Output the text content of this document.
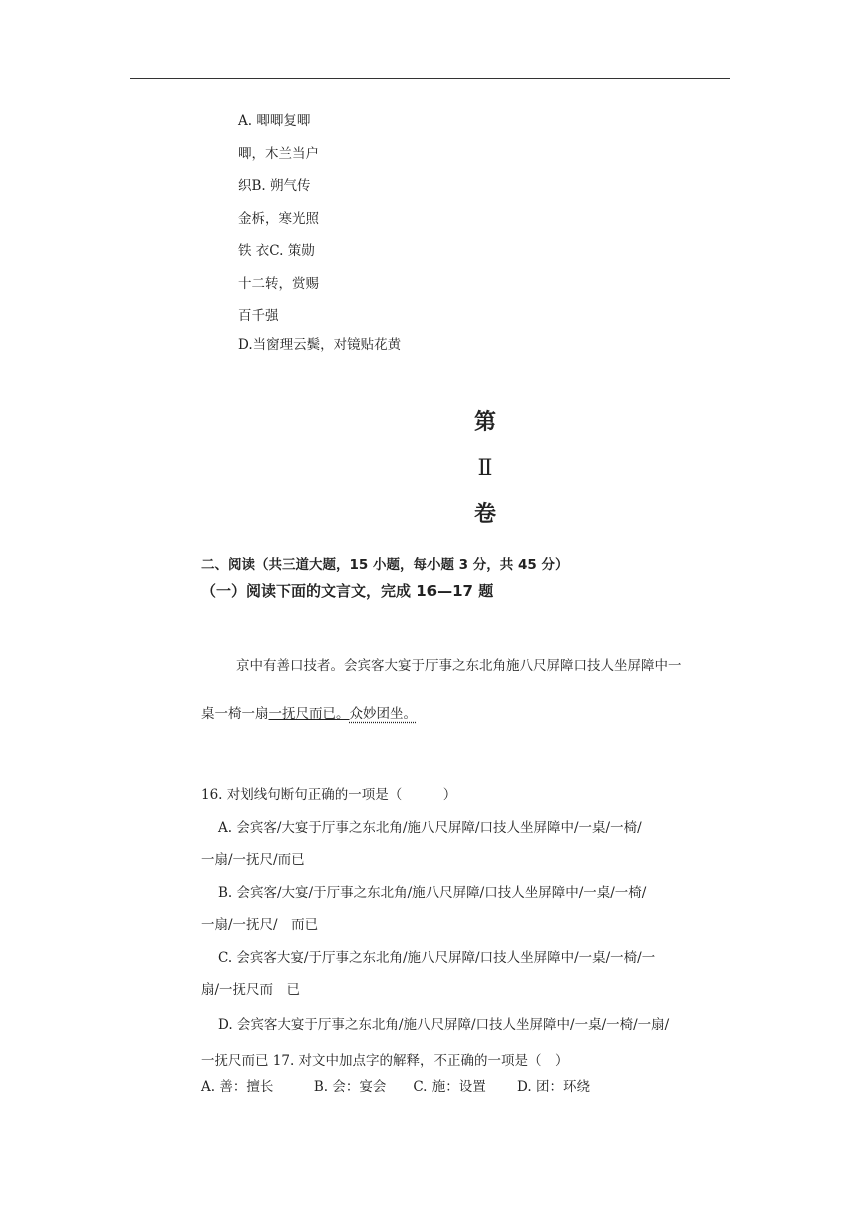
A. 唧唧复唧
唧，木兰当户
织B. 朔气传
金柝，寒光照
铁 衣C. 策勋
十二转，赏赐
百千强
D.当窗理云鬓，对镜贴花黄
第
Ⅱ
卷
二、阅读（共三道大题，15 小题，每小题 3 分，共 45 分）
（一）阅读下面的文言文，完成 16—17 题
京中有善口技者。会宾客大宴于厅事之东北角施八尺屏障口技人坐屏障中一
桌一椅一扇一抚尺而已。众妙团坐。
16. 对划线句断句正确的一项是（　　　）
A. 会宾客/大宴于厅事之东北角/施八尺屏障/口技人坐屏障中/一桌/一椅/
一扇/一抚尺/而已
B. 会宾客/大宴/于厅事之东北角/施八尺屏障/口技人坐屏障中/一桌/一椅/
一扇/一抚尺/　而已
C. 会宾客大宴/于厅事之东北角/施八尺屏障/口技人坐屏障中/一桌/一椅/一
扇/一抚尺而　已
D. 会宾客大宴于厅事之东北角/施八尺屏障/口技人坐屏障中/一桌/一椅/一扇/
一抚尺而已 17. 对文中加点字的解释，不正确的一项是（　）
A. 善：擅长　　　B. 会：宴会　　C. 施：设置　　 D. 团：环绕
